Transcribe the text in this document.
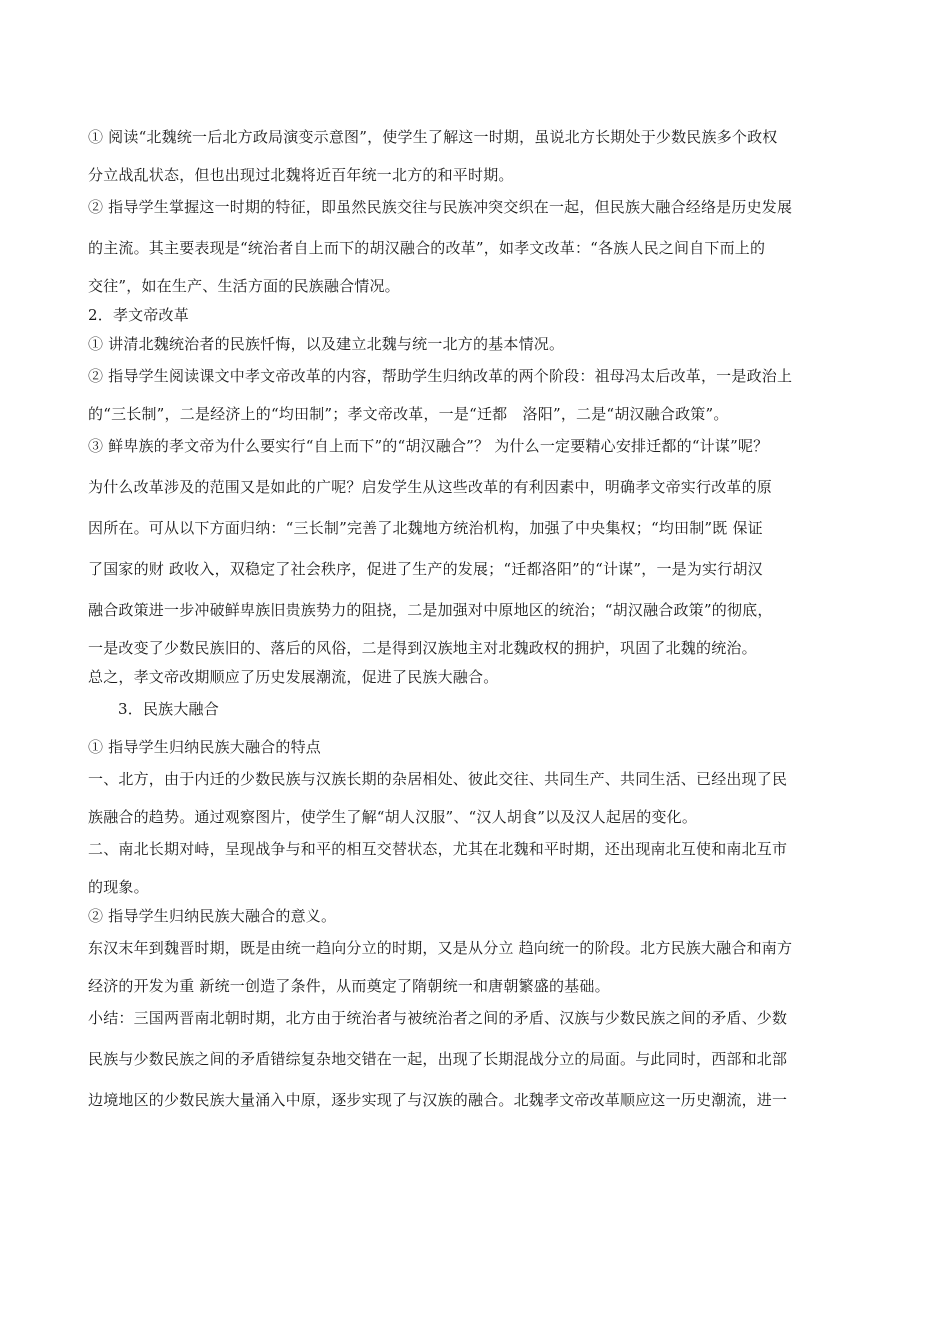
① 阅读“北魏统一后北方政局演变示意图”，使学生了解这一时期，虽说北方长期处于少数民族多个政权
分立战乱状态，但也出现过北魏将近百年统一北方的和平时期。
② 指导学生掌握这一时期的特征，即虽然民族交往与民族冲突交织在一起，但民族大融合经络是历史发展
的主流。其主要表现是“统治者自上而下的胡汉融合的改革”，如孝文改革：“各族人民之间自下而上的
交往”，如在生产、生活方面的民族融合情况。
2．孝文帝改革
① 讲清北魏统治者的民族忏悔，以及建立北魏与统一北方的基本情况。
② 指导学生阅读课文中孝文帝改革的内容，帮助学生归纳改革的两个阶段：祖母冯太后改革，一是政治上
的“三长制”，二是经济上的“均田制”；孝文帝改革，一是“迁都　洛阳”，二是“胡汉融合政策”。
③ 鲜卑族的孝文帝为什么要实行“自上而下”的“胡汉融合”？ 为什么一定要精心安排迁都的“计谋”呢？
为什么改革涉及的范围又是如此的广呢？启发学生从这些改革的有利因素中，明确孝文帝实行改革的原
因所在。可从以下方面归纳：“三长制”完善了北魏地方统治机构，加强了中央集权；“均田制”既 保证
了国家的财 政收入，双稳定了社会秩序，促进了生产的发展；“迁都洛阳”的“计谋”，一是为实行胡汉
融合政策进一步冲破鲜卑族旧贵族势力的阻挠，二是加强对中原地区的统治；“胡汉融合政策”的彻底，
一是改变了少数民族旧的、落后的风俗，二是得到汉族地主对北魏政权的拥护，巩固了北魏的统治。
总之，孝文帝改期顺应了历史发展潮流，促进了民族大融合。
3．民族大融合
① 指导学生归纳民族大融合的特点
一、北方，由于内迁的少数民族与汉族长期的杂居相处、彼此交往、共同生产、共同生活、已经出现了民
族融合的趋势。通过观察图片，使学生了解“胡人汉服”、“汉人胡食”以及汉人起居的变化。
二、南北长期对峙，呈现战争与和平的相互交替状态，尤其在北魏和平时期，还出现南北互使和南北互市
的现象。
② 指导学生归纳民族大融合的意义。
东汉末年到魏晋时期，既是由统一趋向分立的时期，又是从分立 趋向统一的阶段。北方民族大融合和南方
经济的开发为重 新统一创造了条件，从而奠定了隋朝统一和唐朝繁盛的基础。
小结：三国两晋南北朝时期，北方由于统治者与被统治者之间的矛盾、汉族与少数民族之间的矛盾、少数
民族与少数民族之间的矛盾错综复杂地交错在一起，出现了长期混战分立的局面。与此同时，西部和北部
边境地区的少数民族大量涌入中原，逐步实现了与汉族的融合。北魏孝文帝改革顺应这一历史潮流，进一
